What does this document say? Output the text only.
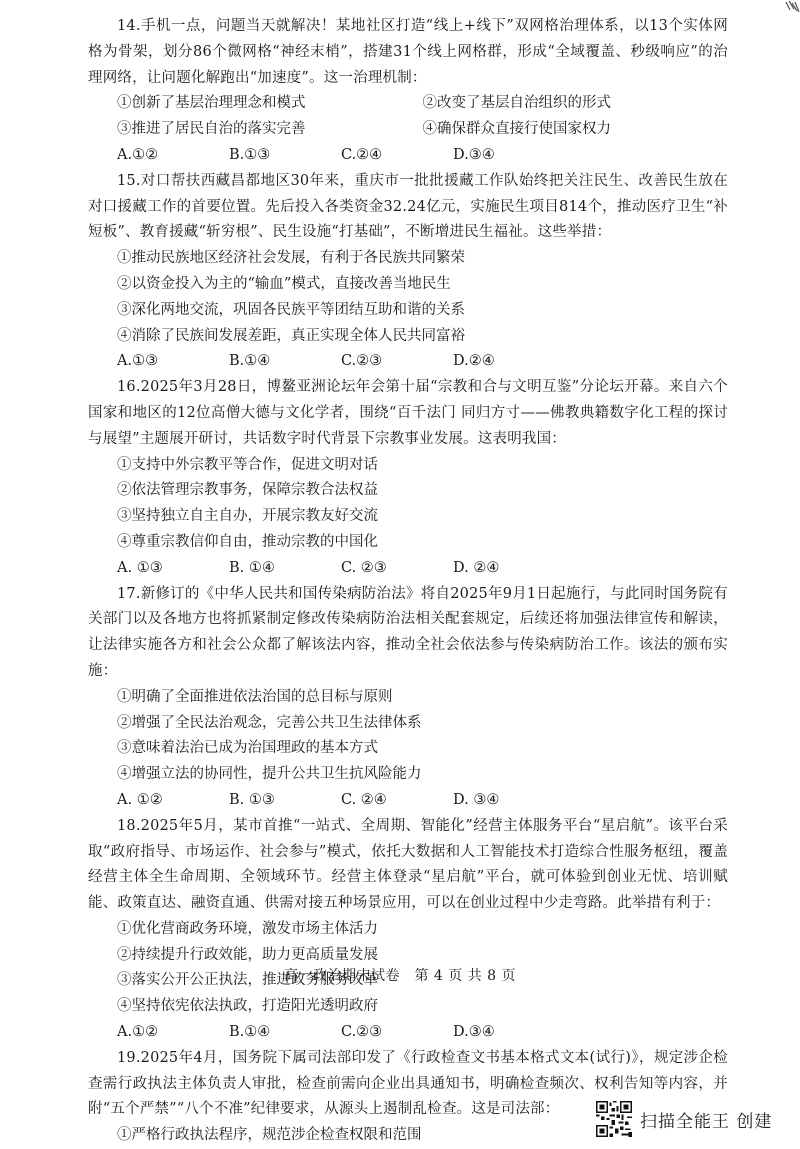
14.手机一点，问题当天就解决！某地社区打造“线上+线下”双网格治理体系，以13个实体网格为骨架，划分86个微网格“神经末梢”，搭建31个线上网格群，形成“全域覆盖、秒级响应”的治理网络，让问题化解跑出“加速度”。这一治理机制：

①创新了基层治理理念和模式	②改变了基层自治组织的形式
③推进了居民自治的落实完善	④确保群众直接行使国家权力
A.①②	B.①③	C.②④	D.③④

15.对口帮扶西藏昌都地区30年来，重庆市一批批援藏工作队始终把关注民生、改善民生放在对口援藏工作的首要位置。先后投入各类资金32.24亿元，实施民生项目814个，推动医疗卫生“补短板”、教育援藏“斩穷根”、民生设施“打基础”，不断增进民生福祉。这些举措：

①推动民族地区经济社会发展，有利于各民族共同繁荣

②以资金投入为主的“输血”模式，直接改善当地民生

③深化两地交流，巩固各民族平等团结互助和谐的关系

④消除了民族间发展差距，真正实现全体人民共同富裕

A.①③	B.①④	C.②③	D.②④

16.2025年3月28日，博鳌亚洲论坛年会第十届“宗教和合与文明互鉴”分论坛开幕。来自六个国家和地区的12位高僧大德与文化学者，围绕“百千法门 同归方寸——佛教典籍数字化工程的探讨与展望”主题展开研讨，共话数字时代背景下宗教事业发展。这表明我国：

①支持中外宗教平等合作，促进文明对话

②依法管理宗教事务，保障宗教合法权益

③坚持独立自主自办，开展宗教友好交流

④尊重宗教信仰自由，推动宗教的中国化

A. ①③	B. ①④	C. ②③	D. ②④

17.新修订的《中华人民共和国传染病防治法》将自2025年9月1日起施行，与此同时国务院有关部门以及各地方也将抓紧制定修改传染病防治法相关配套规定，后续还将加强法律宣传和解读，让法律实施各方和社会公众都了解该法内容，推动全社会依法参与传染病防治工作。该法的颁布实施：

①明确了全面推进依法治国的总目标与原则

②增强了全民法治观念，完善公共卫生法律体系

③意味着法治已成为治国理政的基本方式

④增强立法的协同性，提升公共卫生抗风险能力

A. ①②	B. ①③	C. ②④	D. ③④

18.2025年5月，某市首推“一站式、全周期、智能化”经营主体服务平台“星启航”。该平台采取“政府指导、市场运作、社会参与”模式，依托大数据和人工智能技术打造综合性服务枢纽，覆盖经营主体全生命周期、全领域环节。经营主体登录“星启航”平台，就可体验到创业无忧、培训赋能、政策直达、融资直通、供需对接五种场景应用，可以在创业过程中少走弯路。此举措有利于：

①优化营商政务环境，激发市场主体活力

②持续提升行政效能，助力更高质量发展

③落实公开公正执法，推进政务服务改革

④坚持依宪依法执政，打造阳光透明政府

A.①②	B.①④	C.②③	D.③④

19.2025年4月，国务院下属司法部印发了《行政检查文书基本格式文本(试行)》，规定涉企检查需行政执法主体负责人审批，检查前需向企业出具通知书，明确检查频次、权利告知等内容，并附“五个严禁”“八个不准”纪律要求，从源头上遏制乱检查。这是司法部：

①严格行政执法程序，规范涉企检查权限和范围

高一政治期末试卷　第 4 页 共 8 页
扫描全能王 创建
